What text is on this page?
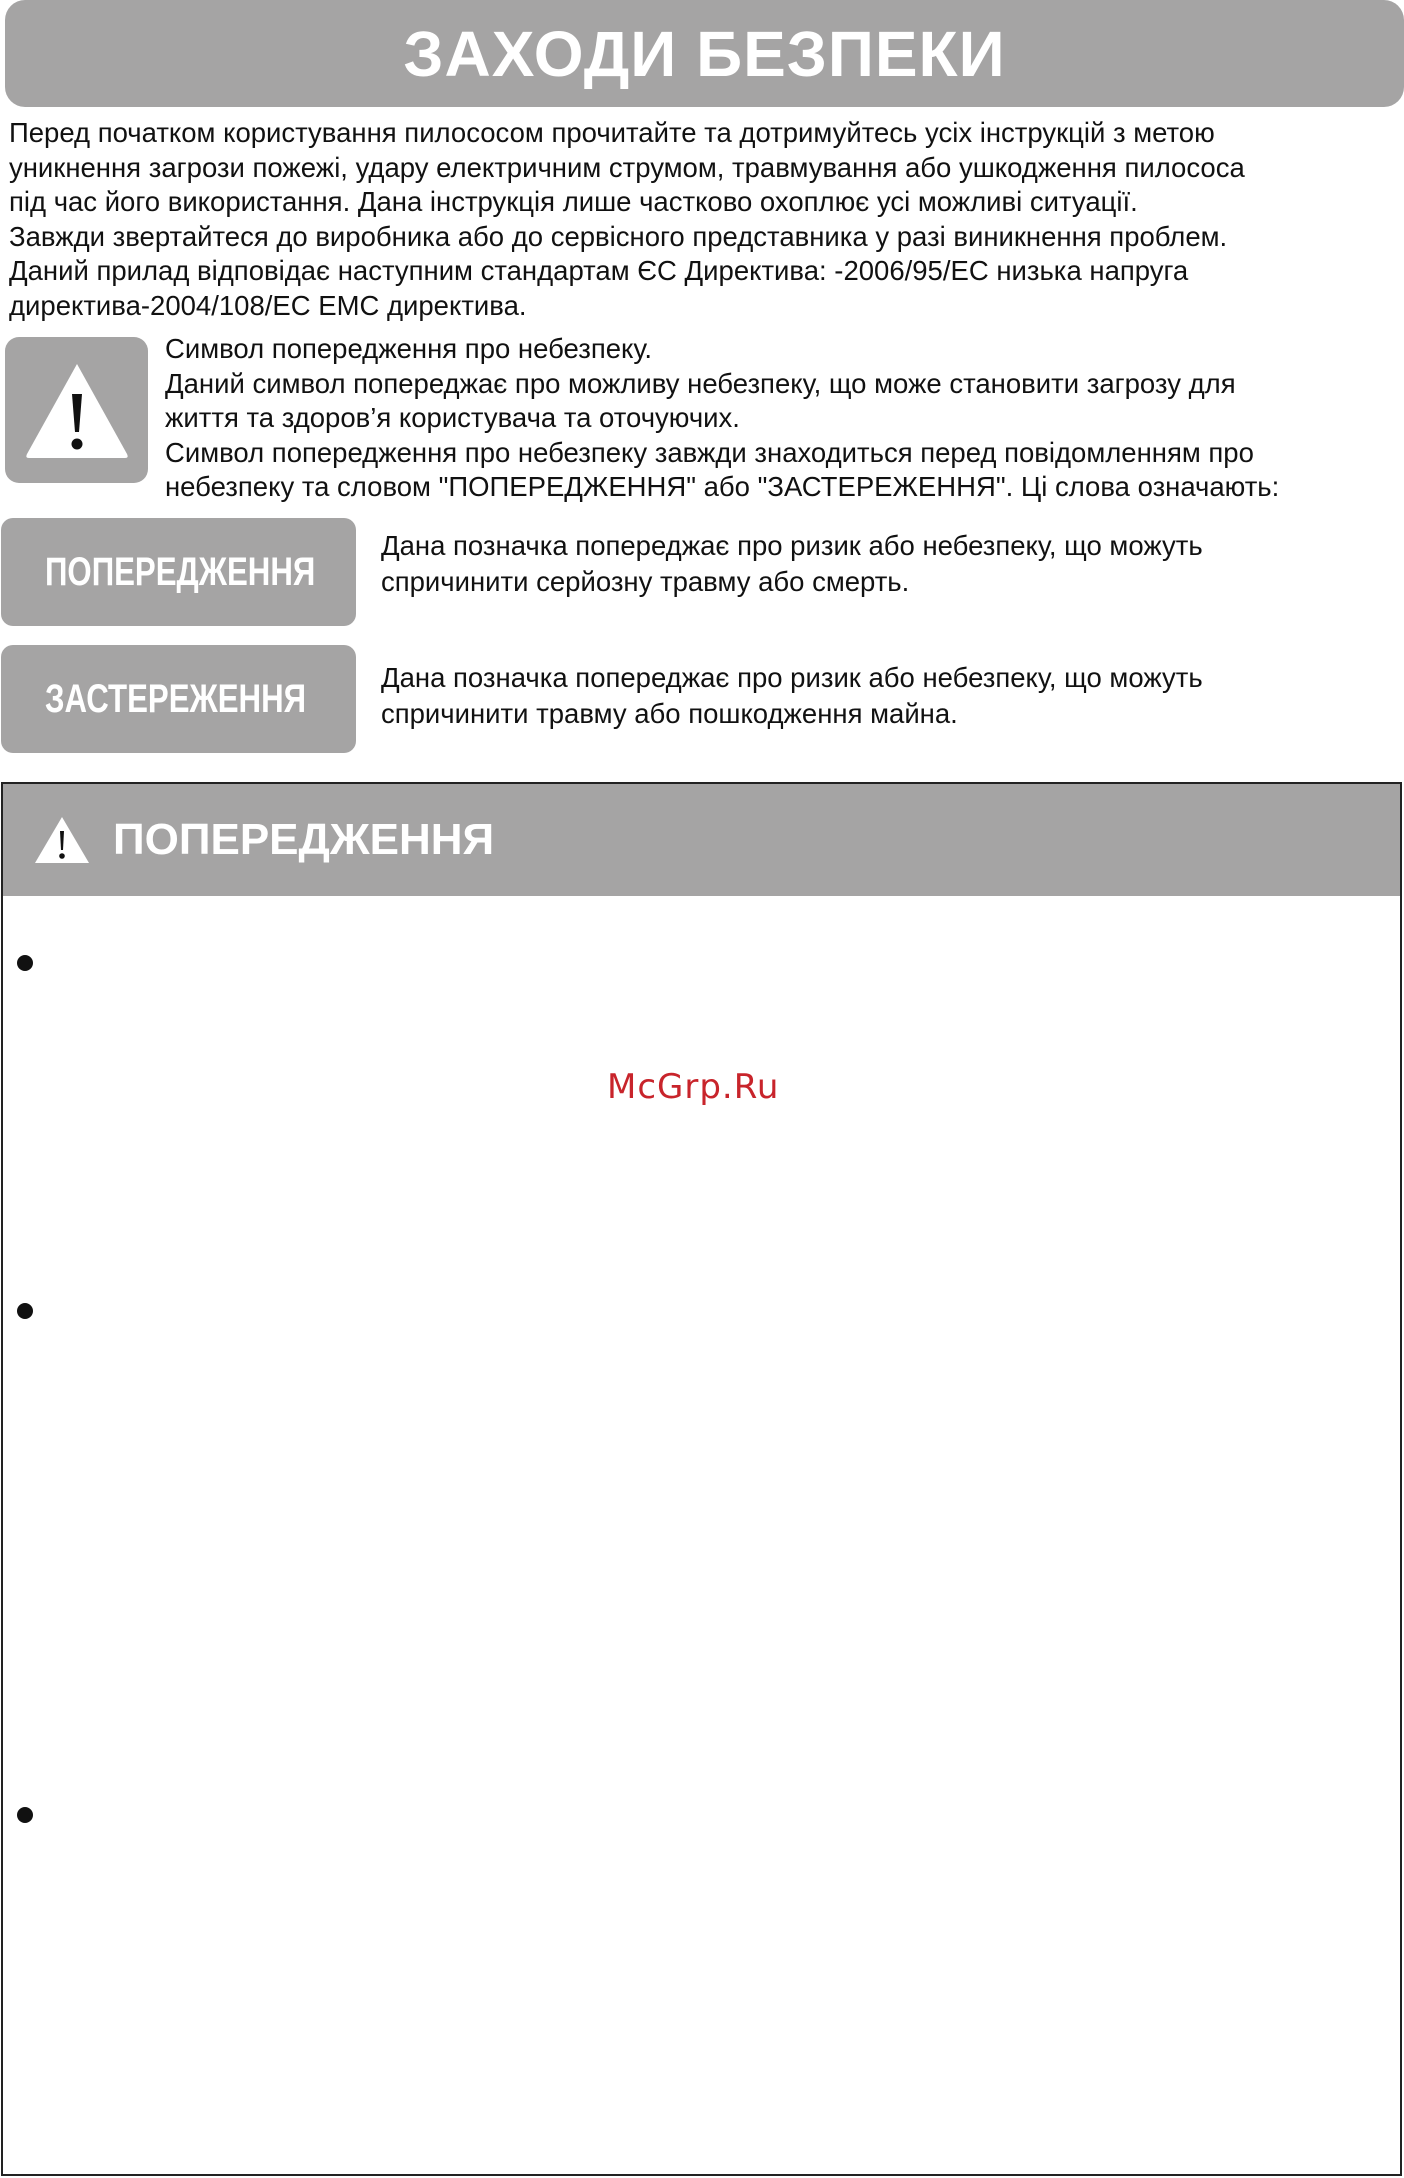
ЗАХОДИ БЕЗПЕКИ

Перед початком користування пилососом прочитайте та дотримуйтесь усіх інструкцій з метою

уникнення загрози пожежі, удару електричним струмом, травмування або ушкодження пилососа

під час його використання. Дана інструкція лише частково охоплює усі можливі ситуації.

Завжди звертайтеся до виробника або до сервісного представника у разі виникнення проблем.

Даний прилад відповідає наступним стандартам ЄС Директива: -2006/95/ЕС низька напруга

директива-2004/108/ЕС ЕМС директива.

Символ попередження про небезпеку.

Даний символ попереджає про можливу небезпеку, що може становити загрозу для

життя та здоров’я користувача та оточуючих.

Символ попередження про небезпеку завжди знаходиться перед повідомленням про

небезпеку та словом "ПОПЕРЕДЖЕННЯ" або "ЗАСТЕРЕЖЕННЯ". Ці слова означають:

ПОПЕРЕДЖЕННЯ

Дана позначка попереджає про ризик або небезпеку, що можуть

спричинити серйозну травму або смерть.

ЗАСТЕРЕЖЕННЯ	Дана позначка попереджає про ризик або небезпеку, що можуть

спричинити травму або пошкодження майна.

ПОПЕРЕДЖЕННЯ
McGrp.Ru
